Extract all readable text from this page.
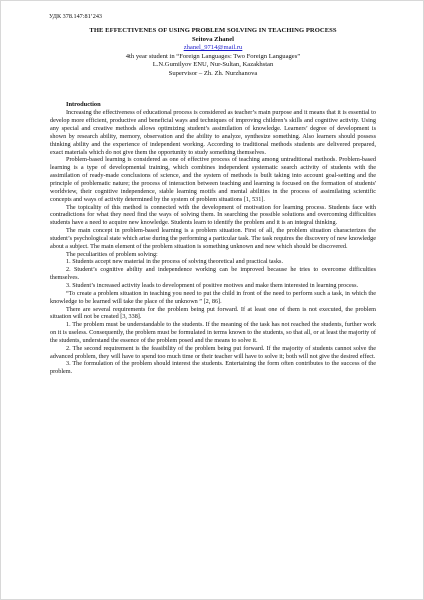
УДК 378.147:81’243
THE EFFECTIVENES OF USING PROBLEM SOLVING IN TEACHING PROCESS
Seitova Zhanel
zhanel_9714@mail.ru
4th year student in “Foreign Languages: Two Foreign Languages”
L.N.Gumilyov ENU, Nur-Sultan, Kazakhstan
Supervisor – Zh. Zh. Nurzhanova
Introduction

Increasing the effectiveness of educational process is considered as teacher’s main purpose and it means that it is essential to develop more efficient, productive and beneficial ways and techniques of improving children’s skills and cognitive activity. Using any special and creative methods allows optimizing student’s assimilation of knowledge. Learners’ degree of development is shown by research ability, memory, observation and the ability to analyze, synthesize something. Also learners should possess thinking ability and the experience of independent working. According to traditional methods students are delivered prepared, exact materials which do not give them the opportunity to study something themselves.

Problem-based learning is considered as one of effective process of teaching among untraditional methods. Problem-based learning is a type of developmental training, which combines independent systematic search activity of students with the assimilation of ready-made conclusions of science, and the system of methods is built taking into account goal-setting and the principle of problematic nature; the process of interaction between teaching and learning is focused on the formation of students' worldview, their cognitive independence, stable learning motifs and mental abilities in the process of assimilating scientific concepts and ways of activity determined by the system of problem situations [1, 531].

The topicality of this method is connected with the development of motivation for learning process. Students face with contradictions for what they need find the ways of solving them. In searching the possible solutions and overcoming difficulties students have a need to acquire new knowledge. Students learn to identify the problem and it is an integral thinking.

The main concept in problem-based learning is a problem situation. First of all, the problem situation characterizes the student’s psychological state which arise during the performing a particular task. The task requires the discovery of new knowledge about a subject. The main element of the problem situation is something unknown and new which should be discovered.

The peculiarities of problem solving:

1. Students accept new material in the process of solving theoretical and practical tasks.

2. Student’s cognitive ability and independence working can be improved because he tries to overcome difficulties themselves.

3. Student’s increased activity leads to development of positive motives and make them interested in learning process.

“To create a problem situation in teaching you need to put the child in front of the need to perform such a task, in which the knowledge to be learned will take the place of the unknown ” [2, 86].

There are several requirements for the problem being put forward. If at least one of them is not executed, the problem situation will not be created [3, 338].

1. The problem must be understandable to the students. If the meaning of the task has not reached the students, further work on it is useless. Consequently, the problem must be formulated in terms known to the students, so that all, or at least the majority of the students, understand the essence of the problem posed and the means to solve it.

2. The second requirement is the feasibility of the problem being put forward. If the majority of students cannot solve the advanced problem, they will have to spend too much time or their teacher will have to solve it; both will not give the desired effect.

3. The formulation of the problem should interest the students. Entertaining the form often contributes to the success of the problem.
